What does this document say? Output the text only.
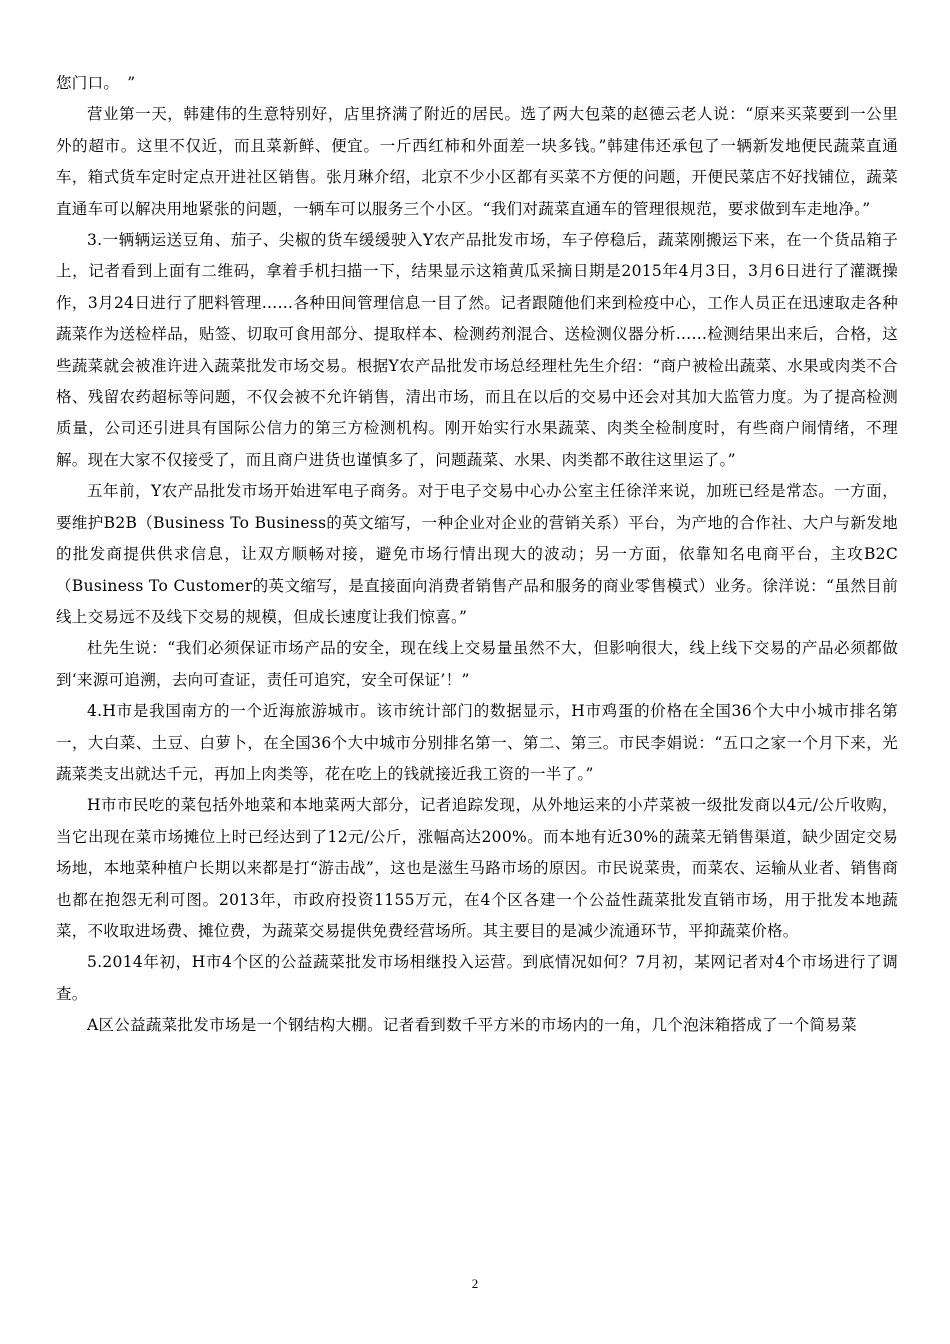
您门口。　”

营业第一天，韩建伟的生意特别好，店里挤满了附近的居民。选了两大包菜的赵德云老人说：“原来买菜要到一公里外的超市。这里不仅近，而且菜新鲜、便宜。一斤西红柿和外面差一块多钱。”韩建伟还承包了一辆新发地便民蔬菜直通车，箱式货车定时定点开进社区销售。张月琳介绍，北京不少小区都有买菜不方便的问题，开便民菜店不好找铺位，蔬菜直通车可以解决用地紧张的问题，一辆车可以服务三个小区。“我们对蔬菜直通车的管理很规范，要求做到车走地净。”

3.一辆辆运送豆角、茄子、尖椒的货车缓缓驶入Y农产品批发市场，车子停稳后，蔬菜刚搬运下来，在一个货品箱子上，记者看到上面有二维码，拿着手机扫描一下，结果显示这箱黄瓜采摘日期是2015年4月3日，3月6日进行了灌溉操作，3月24日进行了肥料管理……各种田间管理信息一目了然。记者跟随他们来到检疫中心，工作人员正在迅速取走各种蔬菜作为送检样品，贴签、切取可食用部分、提取样本、检测药剂混合、送检测仪器分析……检测结果出来后，合格，这些蔬菜就会被准许进入蔬菜批发市场交易。根据Y农产品批发市场总经理杜先生介绍：“商户被检出蔬菜、水果或肉类不合格、残留农药超标等问题，不仅会被不允许销售，清出市场，而且在以后的交易中还会对其加大监管力度。为了提高检测质量，公司还引进具有国际公信力的第三方检测机构。刚开始实行水果蔬菜、肉类全检制度时，有些商户闹情绪，不理解。现在大家不仅接受了，而且商户进货也谨慎多了，问题蔬菜、水果、肉类都不敢往这里运了。”

五年前，Y农产品批发市场开始进军电子商务。对于电子交易中心办公室主任徐洋来说，加班已经是常态。一方面，要维护B2B（Business To Business的英文缩写，一种企业对企业的营销关系）平台，为产地的合作社、大户与新发地的批发商提供供求信息，让双方顺畅对接，避免市场行情出现大的波动；另一方面，依靠知名电商平台，主攻B2C（Business To Customer的英文缩写，是直接面向消费者销售产品和服务的商业零售模式）业务。徐洋说：“虽然目前线上交易远不及线下交易的规模，但成长速度让我们惊喜。”

杜先生说：“我们必须保证市场产品的安全，现在线上交易量虽然不大，但影响很大，线上线下交易的产品必须都做到‘来源可追溯，去向可查证，责任可追究，安全可保证’！”

4.H市是我国南方的一个近海旅游城市。该市统计部门的数据显示，H市鸡蛋的价格在全国36个大中小城市排名第一，大白菜、土豆、白萝卜，在全国36个大中城市分别排名第一、第二、第三。市民李娟说：“五口之家一个月下来，光蔬菜类支出就达千元，再加上肉类等，花在吃上的钱就接近我工资的一半了。”

H市市民吃的菜包括外地菜和本地菜两大部分，记者追踪发现，从外地运来的小芹菜被一级批发商以4元/公斤收购，当它出现在菜市场摊位上时已经达到了12元/公斤，涨幅高达200%。而本地有近30%的蔬菜无销售渠道，缺少固定交易场地，本地菜种植户长期以来都是打“游击战”，这也是滋生马路市场的原因。市民说菜贵，而菜农、运输从业者、销售商也都在抱怨无利可图。2013年，市政府投资1155万元，在4个区各建一个公益性蔬菜批发直销市场，用于批发本地蔬菜，不收取进场费、摊位费，为蔬菜交易提供免费经营场所。其主要目的是减少流通环节，平抑蔬菜价格。

5.2014年初，H市4个区的公益蔬菜批发市场相继投入运营。到底情况如何？7月初，某网记者对4个市场进行了调查。

A区公益蔬菜批发市场是一个钢结构大棚。记者看到数千平方米的市场内的一角，几个泡沫箱搭成了一个简易菜

2
